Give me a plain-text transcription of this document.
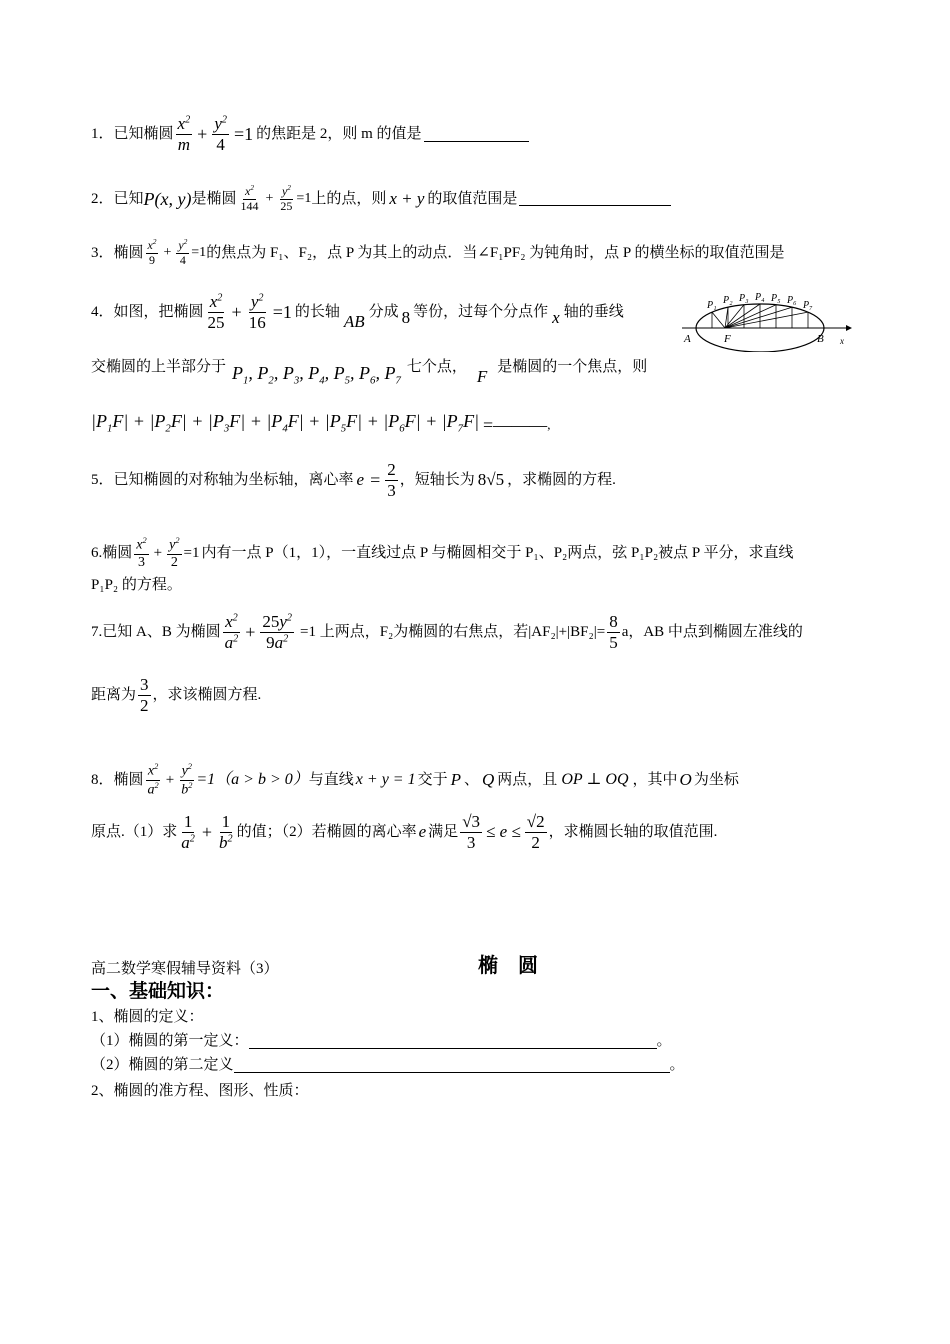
1． 已知椭圆 $\frac{x^2}{m} + \frac{y^2}{4} =1$ 的焦距是 2，则 m 的值是
2． 已知 P(x, y) 是椭圆 $\frac{x^2}{144} + \frac{y^2}{25} =1$ 上的点，则 x + y 的取值范围是
3． 椭圆 $\frac{x^2}{9} + \frac{y^2}{4} =1$ 的焦点为 F₁、F₂，点 P 为其上的动点．当∠F₁PF₂ 为钝角时，点 P 的横坐标的取值范围是
4． 如图，把椭圆 $\frac{x^2}{25} + \frac{y^2}{16} =1$ 的长轴 AB 分成 8 等份，过每个分点作 x 轴的垂线
交椭圆的上半部分于 $P_1$, $P_2$, $P_3$, $P_4$, $P_5$, $P_6$, $P_7$
七个点， F 是椭圆的一个焦点，则
$|P_1F| + |P_2F| + |P_3F| + |P_4F| + |P_5F| + |P_6F| + |P_7F|$ =——— ,
A	F	B x
P₁ P₂ P₃ P₄ P₅ P₆ P₇
5． 已知椭圆的对称轴为坐标轴，离心率 $e = \frac{2}{3}$ ，短轴长为 8√5 ，求椭圆的方程.
6. 椭圆 $\frac{x^2}{3} + \frac{y^2}{2} =1$ 内有一点 P（1，1），一直线过点 P 与椭圆相交于 P₁、P₂两点，弦 P₁P₂被点 P 平分，求直线
P₁P₂ 的方程。
7. 已知 A、B 为椭圆 $\frac{x^2}{a^2} + \frac{25y^2}{9a^2} =1$ 上两点，F₂为椭圆的右焦点，若$|AF_2|+|BF_2|= \frac{8}{5}$ a，AB 中点到椭圆左准线的
距离为 $\frac{3}{2}$ ，求该椭圆方程.
8． 椭圆 $\frac{x^2}{a^2} + \frac{y^2}{b^2} =1(a > b > 0)$ 与直线 x + y = 1 交于 P 、 Q 两点，且 OP ⊥ OQ ，其中 O 为坐标
原点.（1）求 $\frac{1}{a^2} + \frac{1}{b^2}$ 的值；（2）若椭圆的离心率 e 满足 $\frac{√3}{3} \le e \le \frac{√2}{2}$ ，求椭圆长轴的取值范围.
高二数学寒假辅导资料（3）	椭　圆
一、基础知识：
1、椭圆的定义：
（1）椭圆的第一定义：	。
（2）椭圆的第二定义	。
2、椭圆的准方程、图形、性质：
